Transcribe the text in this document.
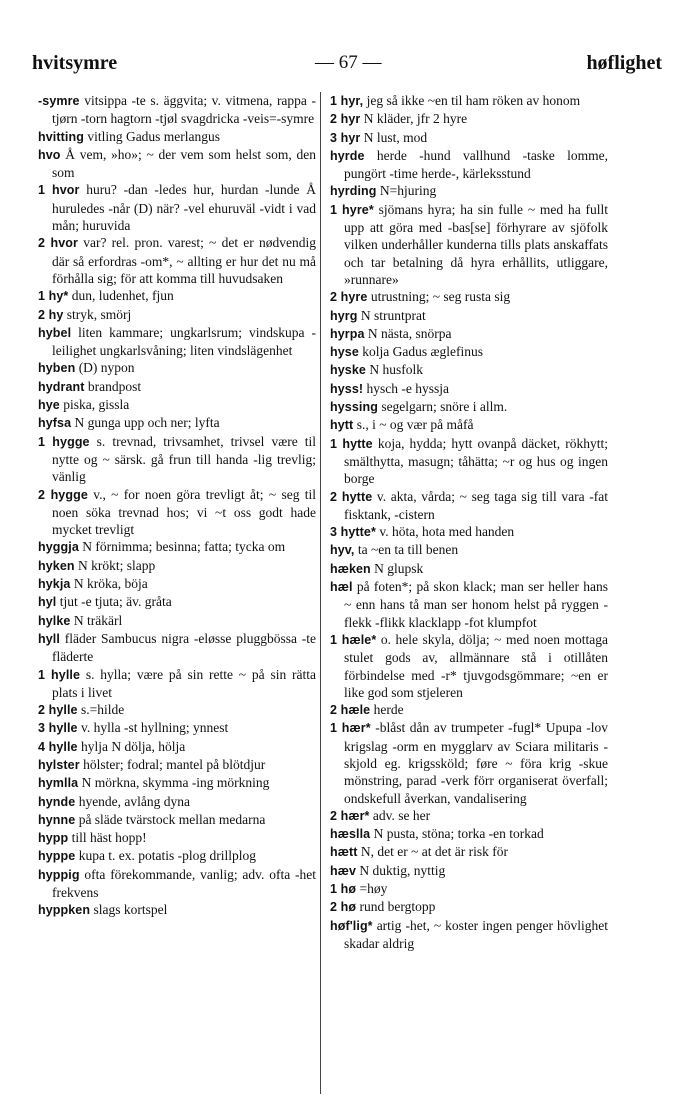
hvitsymre	— 67 —	høflighet

-symre vitsippa -te s. äggvita; v. vitmena, rappa -tjørn -torn hagtorn -tjøl svagdricka -veis=-symre

hvitting vitling Gadus merlangus

hvo Å vem, »ho»; ~ der vem som helst som, den som

1 hvor huru? -dan -ledes hur, hurdan -lunde Å huruledes -når (D) när? -vel ehuruväl -vidt i vad mån; huruvida

2 hvor var? rel. pron. varest; ~ det er nødvendig där så erfordras -om*, ~ allting er hur det nu må förhålla sig; för att komma till huvudsaken

1 hy* dun, ludenhet, fjun

2 hy stryk, smörj

hybel liten kammare; ungkarlsrum; vindskupa -leilighet ungkarlsvåning; liten vindslägenhet

hyben (D) nypon

hydrant brandpost

hye piska, gissla

hyfsa N gunga upp och ner; lyfta

1 hygge s. trevnad, trivsamhet, trivsel være til nytte og ~ särsk. gå frun till handa -lig trevlig; vänlig

2 hygge v., ~ for noen göra trevligt åt; ~ seg til noen söka trevnad hos; vi ~t oss godt hade mycket trevligt

hyggja N förnimma; besinna; fatta; tycka om

hyken N krökt; slapp

hykja N kröka, böja

hyl tjut -e tjuta; äv. gråta

hylke N träkärl

hyll fläder Sambucus nigra -eløsse pluggbössa -te fläderte

1 hylle s. hylla; være på sin rette ~ på sin rätta plats i livet

2 hylle s.=hilde

3 hylle v. hylla -st hyllning; ynnest

4 hylle hylja N dölja, hölja

hylster hölster; fodral; mantel på blötdjur

hymlla N mörkna, skymma -ing mörkning

hynde hyende, avlång dyna

hynne på släde tvärstock mellan medarna

hypp till häst hopp!

hyppe kupa t. ex. potatis -plog drillplog

hyppig ofta förekommande, vanlig; adv. ofta -het frekvens

hyppken slags kortspel

1 hyr, jeg så ikke ~en til ham röken av honom

2 hyr N kläder, jfr 2 hyre

3 hyr N lust, mod

hyrde herde -hund vallhund -taske lomme, pungört -time herde-, kärleksstund

hyrding N=hjuring

1 hyre* sjömans hyra; ha sin fulle ~ med ha fullt upp att göra med -bas[se] förhyrare av sjöfolk vilken underhåller kunderna tills plats anskaffats och tar betalning då hyra erhållits, utliggare, »runnare»

2 hyre utrustning; ~ seg rusta sig

hyrg N struntprat

hyrpa N nästa, snörpa

hyse kolja Gadus æglefinus

hyske N husfolk

hyss! hysch -e hyssja

hyssing segelgarn; snöre i allm.

hytt s., i ~ og vær på måfå

1 hytte koja, hydda; hytt ovanpå däcket, rökhytt; smälthytta, masugn; tåhätta; ~r og hus og ingen borge

2 hytte v. akta, vårda; ~ seg taga sig till vara -fat fisktank, -cistern

3 hytte* v. höta, hota med handen

hyv, ta ~en ta till benen

hæken N glupsk

hæl på foten*; på skon klack; man ser heller hans ~ enn hans tå man ser honom helst på ryggen -flekk -flikk klacklapp -fot klumpfot

1 hæle* o. hele skyla, dölja; ~ med noen mottaga stulet gods av, allmännare stå i otillåten förbindelse med -r* tjuvgodsgömmare; ~en er like god som stjeleren

2 hæle herde

1 hær* -blåst dån av trumpeter -fugl* Upupa -lov krigslag -orm en mygglarv av Sciara militaris -skjold eg. krigssköld; føre ~ föra krig -skue mönstring, parad -verk förr organiserat överfall; ondskefull åverkan, vandalisering

2 hær* adv. se her

hæslla N pusta, stöna; torka -en torkad

hætt N, det er ~ at det är risk för

hæv N duktig, nyttig

1 hø =høy

2 hø rund bergtopp

høf'lig* artig -het, ~ koster ingen penger hövlighet skadar aldrig
